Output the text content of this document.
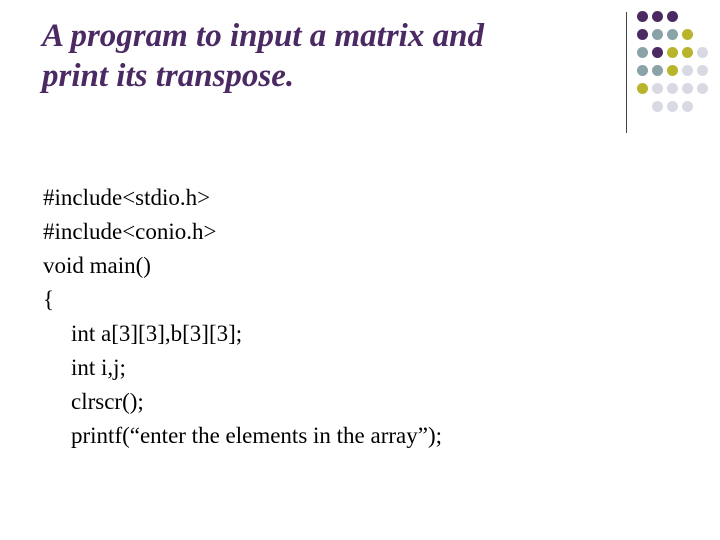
A program to input a matrix and
print its transpose.
#include<stdio.h>
#include<conio.h>
void main()
{
int a[3][3],b[3][3];
int i,j;
clrscr();
printf(“enter the elements in the array”);
